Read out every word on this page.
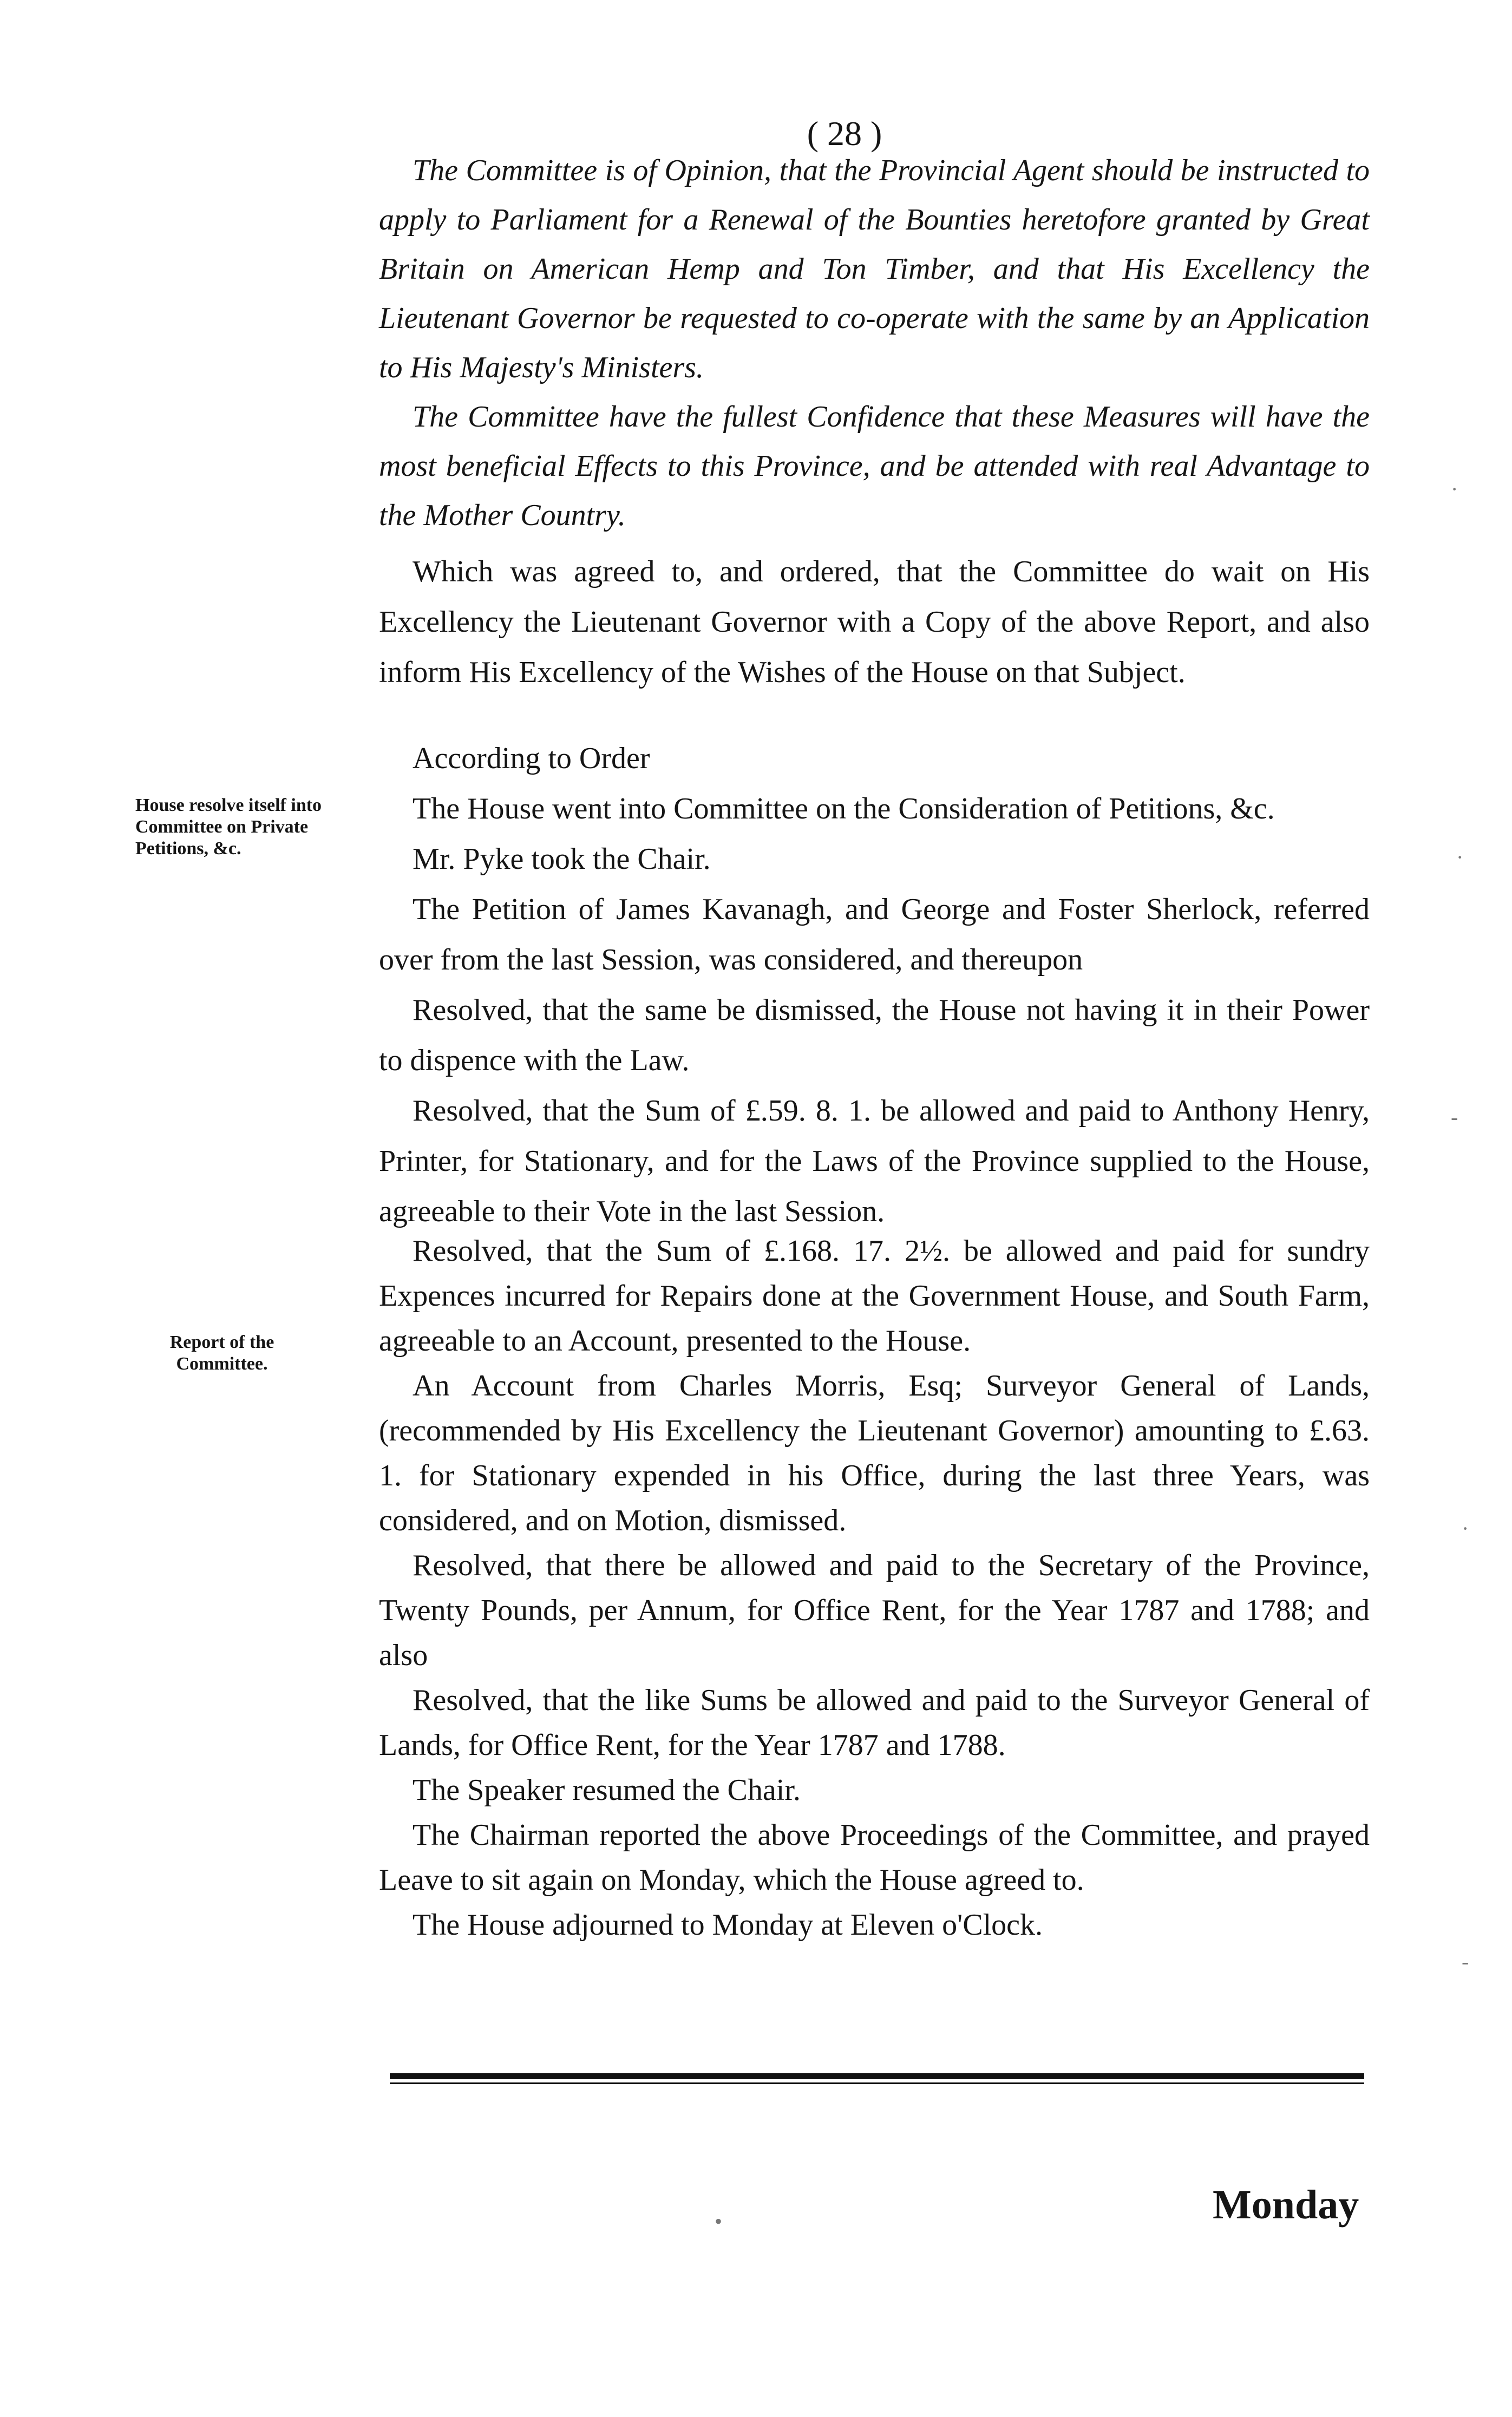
( 28 )

The Committee is of Opinion, that the Provincial Agent should be instructed to apply to Parliament for a Renewal of the Bounties heretofore granted by Great Britain on American Hemp and Ton Timber, and that His Excellency the Lieutenant Governor be requested to co-operate with the same by an Application to His Majesty's Ministers.

The Committee have the fullest Confidence that these Measures will have the most beneficial Effects to this Province, and be attended with real Advantage to the Mother Country.

Which was agreed to, and ordered, that the Committee do wait on His Excellency the Lieutenant Governor with a Copy of the above Report, and also inform His Excellency of the Wishes of the House on that Subject.

According to Order

The House went into Committee on the Consideration of Petitions, &c.

Mr. Pyke took the Chair.

The Petition of James Kavanagh, and George and Foster Sherlock, referred over from the last Session, was considered, and thereupon

Resolved, that the same be dismissed, the House not having it in their Power to dispence with the Law.

Resolved, that the Sum of £.59. 8. 1. be allowed and paid to Anthony Henry, Printer, for Stationary, and for the Laws of the Province supplied to the House, agreeable to their Vote in the last Session.

Resolved, that the Sum of £.168. 17. 2½. be allowed and paid for sundry Expences incurred for Repairs done at the Government House, and South Farm, agreeable to an Account, presented to the House.

An Account from Charles Morris, Esq; Surveyor General of Lands, (recommended by His Excellency the Lieutenant Governor) amounting to £.63. 1. for Stationary expended in his Office, during the last three Years, was considered, and on Motion, dismissed.

Resolved, that there be allowed and paid to the Secretary of the Province, Twenty Pounds, per Annum, for Office Rent, for the Year 1787 and 1788; and also

Resolved, that the like Sums be allowed and paid to the Surveyor General of Lands, for Office Rent, for the Year 1787 and 1788.

The Speaker resumed the Chair.

The Chairman reported the above Proceedings of the Committee, and prayed Leave to sit again on Monday, which the House agreed to.

The House adjourned to Monday at Eleven o'Clock.

House resolve itself into Committee on Private Petitions, &c.
Report of the Committee.
Monday
·
·
-
·
-
•
